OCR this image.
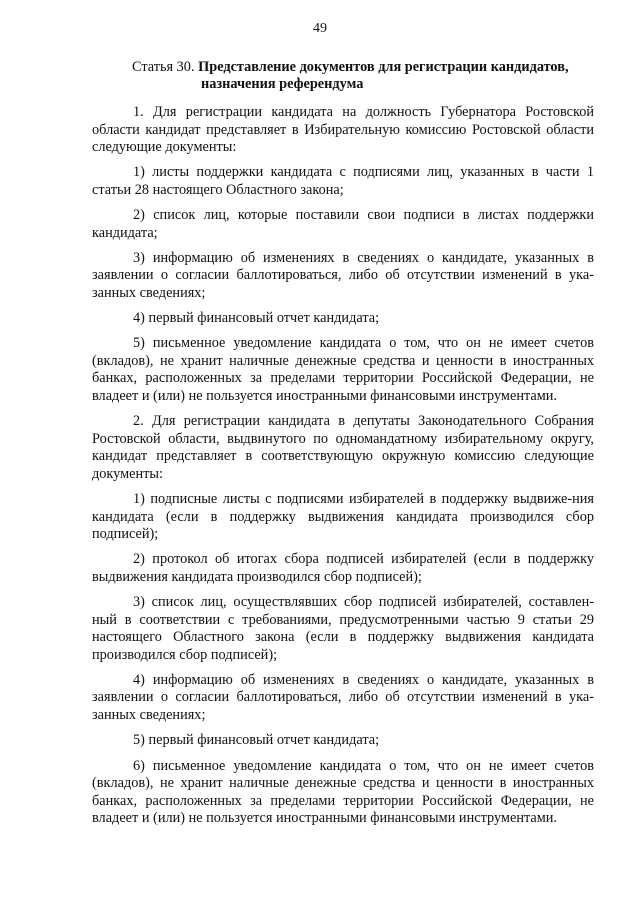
49
Статья 30. Представление документов для регистрации кандидатов,
назначения референдума

1. Для регистрации кандидата на должность Губернатора Ростовской области кандидат представляет в Избирательную комиссию Ростовской области следующие документы:

1) листы поддержки кандидата с подписями лиц, указанных в части 1 статьи 28 настоящего Областного закона;

2) список лиц, которые поставили свои подписи в листах поддержки кандидата;

3) информацию об изменениях в сведениях о кандидате, указанных в заявлении о согласии баллотироваться, либо об отсутствии изменений в ука-занных сведениях;

4) первый финансовый отчет кандидата;

5) письменное уведомление кандидата о том, что он не имеет счетов (вкладов), не хранит наличные денежные средства и ценности в иностранных банках, расположенных за пределами территории Российской Федерации, не владеет и (или) не пользуется иностранными финансовыми инструментами.

2. Для регистрации кандидата в депутаты Законодательного Собрания Ростовской области, выдвинутого по одномандатному избирательному округу, кандидат представляет в соответствующую окружную комиссию следующие документы:

1) подписные листы с подписями избирателей в поддержку выдвиже-ния кандидата (если в поддержку выдвижения кандидата производился сбор подписей);

2) протокол об итогах сбора подписей избирателей (если в поддержку выдвижения кандидата производился сбор подписей);

3) список лиц, осуществлявших сбор подписей избирателей, составлен-ный в соответствии с требованиями, предусмотренными частью 9 статьи 29 настоящего Областного закона (если в поддержку выдвижения кандидата производился сбор подписей);

4) информацию об изменениях в сведениях о кандидате, указанных в заявлении о согласии баллотироваться, либо об отсутствии изменений в ука-занных сведениях;

5) первый финансовый отчет кандидата;

6) письменное уведомление кандидата о том, что он не имеет счетов (вкладов), не хранит наличные денежные средства и ценности в иностранных банках, расположенных за пределами территории Российской Федерации, не владеет и (или) не пользуется иностранными финансовыми инструментами.
